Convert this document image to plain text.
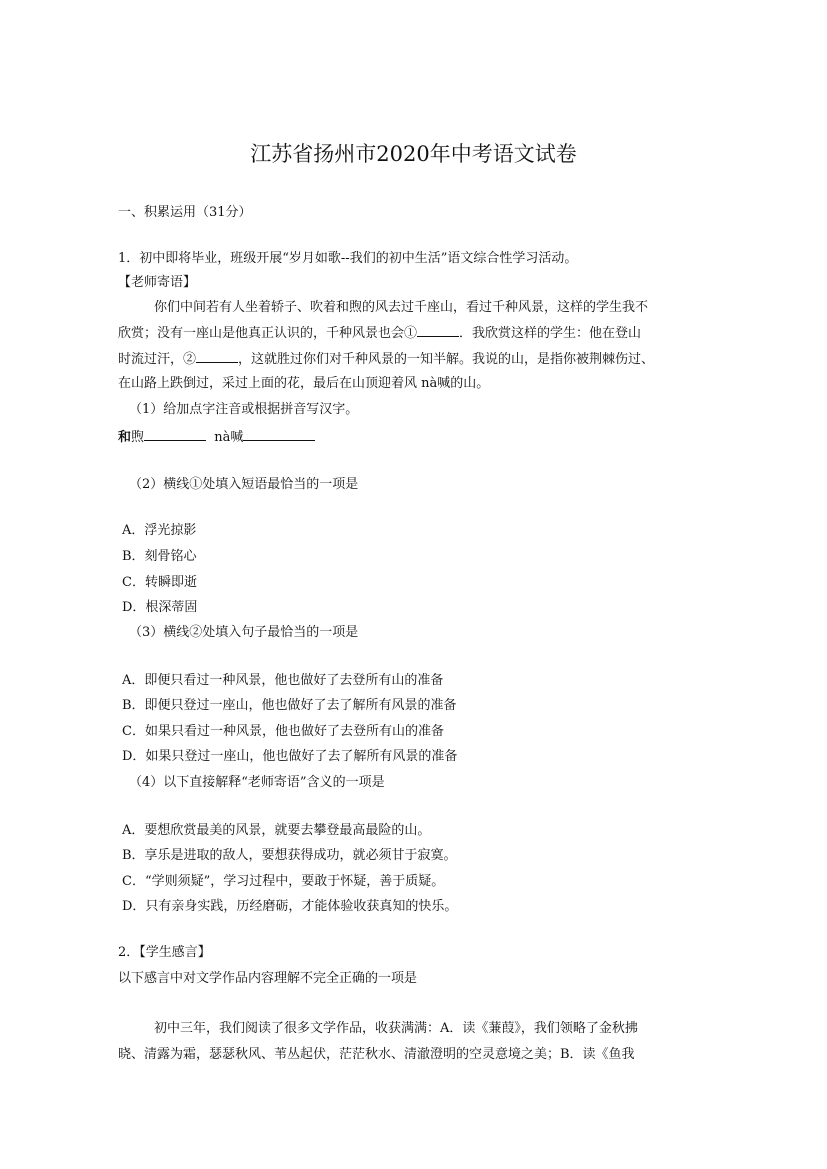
江苏省扬州市2020年中考语文试卷
一、积累运用（31分）
1．初中即将毕业，班级开展“岁月如歌--我们的初中生活”语文综合性学习活动。
【老师寄语】
你们中间若有人坐着轿子、吹着和煦的风去过千座山，看过千种风景，这样的学生我不
欣赏；没有一座山是他真正认识的，千种风景也会①	．我欣赏这样的学生：他在登山
时流过汗，②	，这就胜过你们对千种风景的一知半解。我说的山，是指你被荆棘伤过、
在山路上跌倒过，采过上面的花，最后在山顶迎着风 nà喊的山。
（1）给加点字注音或根据拼音写汉字。
和煦	nà喊
（2）横线①处填入短语最恰当的一项是
A．浮光掠影
B．刻骨铭心
C．转瞬即逝
D．根深蒂固
（3）横线②处填入句子最恰当的一项是
A．即便只看过一种风景，他也做好了去登所有山的准备
B．即便只登过一座山，他也做好了去了解所有风景的准备
C．如果只看过一种风景，他也做好了去登所有山的准备
D．如果只登过一座山，他也做好了去了解所有风景的准备
（4）以下直接解释“老师寄语”含义的一项是
A．要想欣赏最美的风景，就要去攀登最高最险的山。
B．享乐是进取的敌人，要想获得成功，就必须甘于寂寞。
C．“学则须疑”，学习过程中，要敢于怀疑，善于质疑。
D．只有亲身实践，历经磨砺，才能体验收获真知的快乐。
2．【学生感言】
以下感言中对文学作品内容理解不完全正确的一项是
初中三年，我们阅读了很多文学作品，收获满满：A．读《蒹葭》，我们领略了金秋拂
晓、清露为霜，瑟瑟秋风、苇丛起伏，茫茫秋水、清澈澄明的空灵意境之美；B．读《鱼我
